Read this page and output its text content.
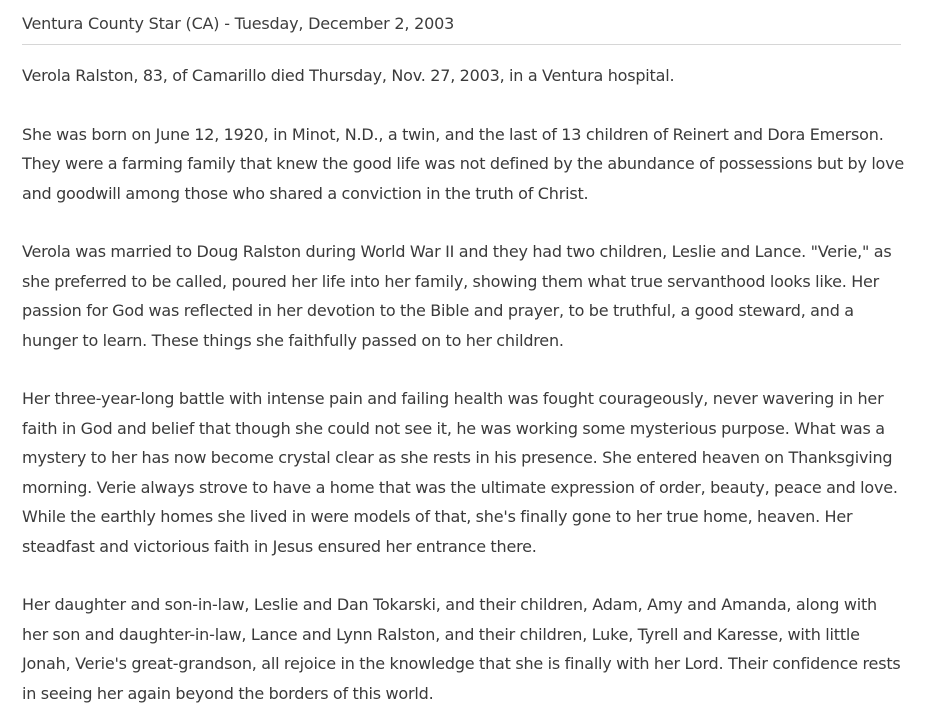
Ventura County Star (CA) - Tuesday, December 2, 2003

Verola Ralston, 83, of Camarillo died Thursday, Nov. 27, 2003, in a Ventura hospital.

She was born on June 12, 1920, in Minot, N.D., a twin, and the last of 13 children of Reinert and Dora Emerson. They were a farming family that knew the good life was not defined by the abundance of possessions but by love and goodwill among those who shared a conviction in the truth of Christ.

Verola was married to Doug Ralston during World War II and they had two children, Leslie and Lance. "Verie," as she preferred to be called, poured her life into her family, showing them what true servanthood looks like. Her passion for God was reflected in her devotion to the Bible and prayer, to be truthful, a good steward, and a hunger to learn. These things she faithfully passed on to her children.

Her three-year-long battle with intense pain and failing health was fought courageously, never wavering in her faith in God and belief that though she could not see it, he was working some mysterious purpose. What was a mystery to her has now become crystal clear as she rests in his presence. She entered heaven on Thanksgiving morning. Verie always strove to have a home that was the ultimate expression of order, beauty, peace and love. While the earthly homes she lived in were models of that, she's finally gone to her true home, heaven. Her steadfast and victorious faith in Jesus ensured her entrance there.

Her daughter and son-in-law, Leslie and Dan Tokarski, and their children, Adam, Amy and Amanda, along with her son and daughter-in-law, Lance and Lynn Ralston, and their children, Luke, Tyrell and Karesse, with little Jonah, Verie's great-grandson, all rejoice in the knowledge that she is finally with her Lord. Their confidence rests in seeing her again beyond the borders of this world.
